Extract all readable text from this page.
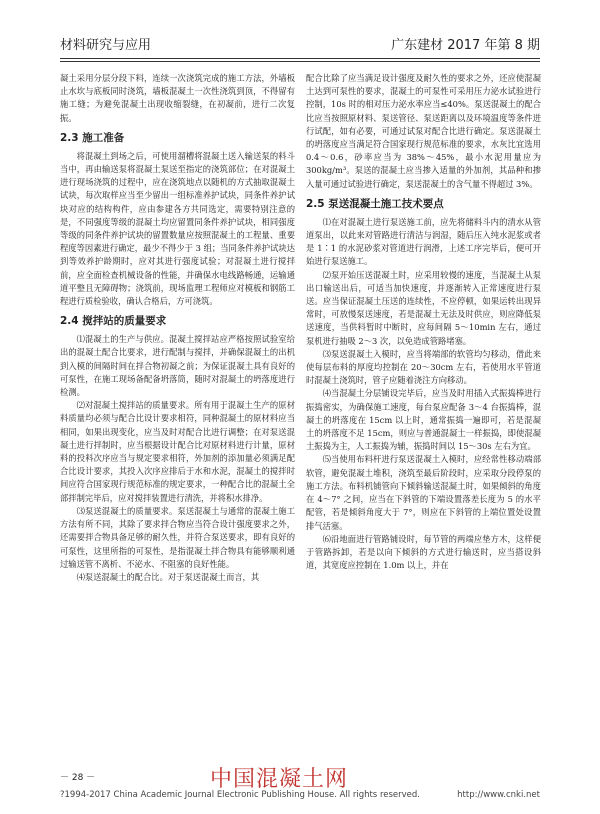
材料研究与应用	广东建材 2017 年第 8 期

凝土采用分层分段下料，连续一次浇筑完成的施工方法，外墙板止水坎与底板同时浇筑，墙板混凝土一次性浇筑到顶，不得留有施工缝；为避免混凝土出现收缩裂缝，在初凝前，进行二次复振。

2.3 施工准备

将混凝土到场之后，可使用溜槽将混凝土送入输送泵的料斗当中，再由输送泵将混凝土泵送至指定的浇筑部位；在对混凝土进行现场浇筑的过程中，应在浇筑地点以随机的方式抽取混凝土试块，每次取样应当至少留出一组标准养护试块，同条件养护试块对应的结构构件，应由参建各方共同选定，需要特别注意的是，不同强度等级的混凝土均应留置同条件养护试块，相同强度等级的同条件养护试块的留置数量应按照混凝土的工程量、重要程度等因素进行确定，最少不得少于 3 组；当同条件养护试块达到等效养护龄期时，应对其进行强度试验；对混凝土进行搅拌前，应全面检查机械设备的性能，并确保水电线路畅通，运输通道平整且无障碍物；浇筑前，现场监理工程师应对模板和钢筋工程进行质检验收，确认合格后，方可浇筑。

2.4 搅拌站的质量要求

⑴混凝土的生产与供应。混凝土搅拌站应严格按照试验室给出的混凝土配合比要求，进行配制与搅拌，并确保混凝土的出机到入模的间隔时间在拌合物初凝之前；为保证混凝土具有良好的可泵性，在施工现场备配备坍落筒，随时对混凝土的坍落度进行检测。

⑵对混凝土搅拌站的质量要求。所有用于混凝土生产的原材料质量均必须与配合比设计要求相符，同种混凝土的原材料应当相同，如果出现变化，应当及时对配合比进行调整；在对泵送混凝土进行拌制时，应当根据设计配合比对原材料进行计量，原材料的投料次序应当与规定要求相符，外加剂的添加量必须满足配合比设计要求，其投入次序应排后于水和水泥，混凝土的搅拌时间应符合国家现行规范标准的规定要求，一种配合比的混凝土全部拌制完毕后，应对搅拌装置进行清洗，并将积水排净。

⑶泵送混凝土的质量要求。泵送混凝土与通常的混凝土施工方法有所不同，其除了要求拌合物应当符合设计强度要求之外，还需要拌合物具备足够的耐久性，并符合泵送要求，即有良好的可泵性，这里所指的可泵性，是指混凝土拌合物具有能够顺利通过输送管不离析、不泌水、不阻塞的良好性能。

⑷泵送混凝土的配合比。对于泵送混凝土而言，其

配合比除了应当满足设计强度及耐久性的要求之外，还应使混凝土达到可泵性的要求，混凝土的可泵性可采用压力泌水试验进行控制，10s 时的相对压力泌水率应当≤40%。泵送混凝土的配合比应当按照原材料、泵送管径、泵送距离以及环境温度等条件进行试配，如有必要，可通过试泵对配合比进行确定。泵送混凝土的坍落度应当满足符合国家现行规范标准的要求，水灰比宜选用 0.4～0.6，砂率应当为 38%～45%，最小水泥用量应为 300kg/m³。泵送的混凝土应当掺入适量的外加剂，其品种和掺入量可通过试验进行确定，泵送混凝土的含气量不得超过 3%。

2.5 泵送混凝土施工技术要点

⑴在对混凝土进行泵送施工前，应先将储料斗内的清水从管道泵出，以此来对管路进行清洁与润湿，随后压入纯水泥浆或者是 1∶1 的水泥砂浆对管道进行润滑，上述工序完毕后，便可开始进行泵送施工。

⑵泵开始压送混凝土时，应采用较慢的速度，当混凝土从泵出口输送出后，可适当加快速度，并逐渐转入正常速度进行泵送。应当保证混凝土压送的连续性，不应停顿，如果运转出现异常时，可放慢泵送速度，若是混凝土无法及时供应，则应降低泵送速度，当供料暂时中断时，应每间隔 5～10min 左右，通过泵机进行抽吸 2～3 次，以免造成管路堵塞。

⑶泵送混凝土入模时，应当将端部的软管均匀移动，借此来使每层布料的厚度均控制在 20～30cm 左右，若使用水平管道时混凝土浇筑时，管子应随着浇注方向移动。

⑷当混凝土分层铺设完毕后，应当及时用插入式振捣棒进行振捣密实，为确保施工速度，每台泵应配备 3～4 台振捣棒，混凝土的坍落度在 15cm 以上时，通常振捣一遍即可，若是混凝土的坍落度不足 15cm，则应与普通混凝土一样振捣，即使混凝土振捣为主，人工振捣为辅，振捣时间以 15～30s 左右为宜。

⑸当使用布料杆进行泵送混凝土入模时，应经常性移动端部软管，避免混凝土堆积，浇筑至最后阶段时，应采取分段停泵的施工方法。布料机铺管向下倾斜输送混凝土时，如果倾斜的角度在 4～7° 之间，应当在下斜管的下端设置落差长度为 5 的水平配管，若是倾斜角度大于 7°，则应在下斜管的上端位置处设置排气活塞。

⑹沿地面进行管路铺设时，每节管的两端应垫方木，这样便于管路拆卸，若是以向下倾斜的方式进行输送时，应当搭设斜道，其宽度应控制在 1.0m 以上，并在

－ 28 －	中国混凝土网
?1994-2017 China Academic Journal Electronic Publishing House. All rights reserved.	http://www.cnki.net
